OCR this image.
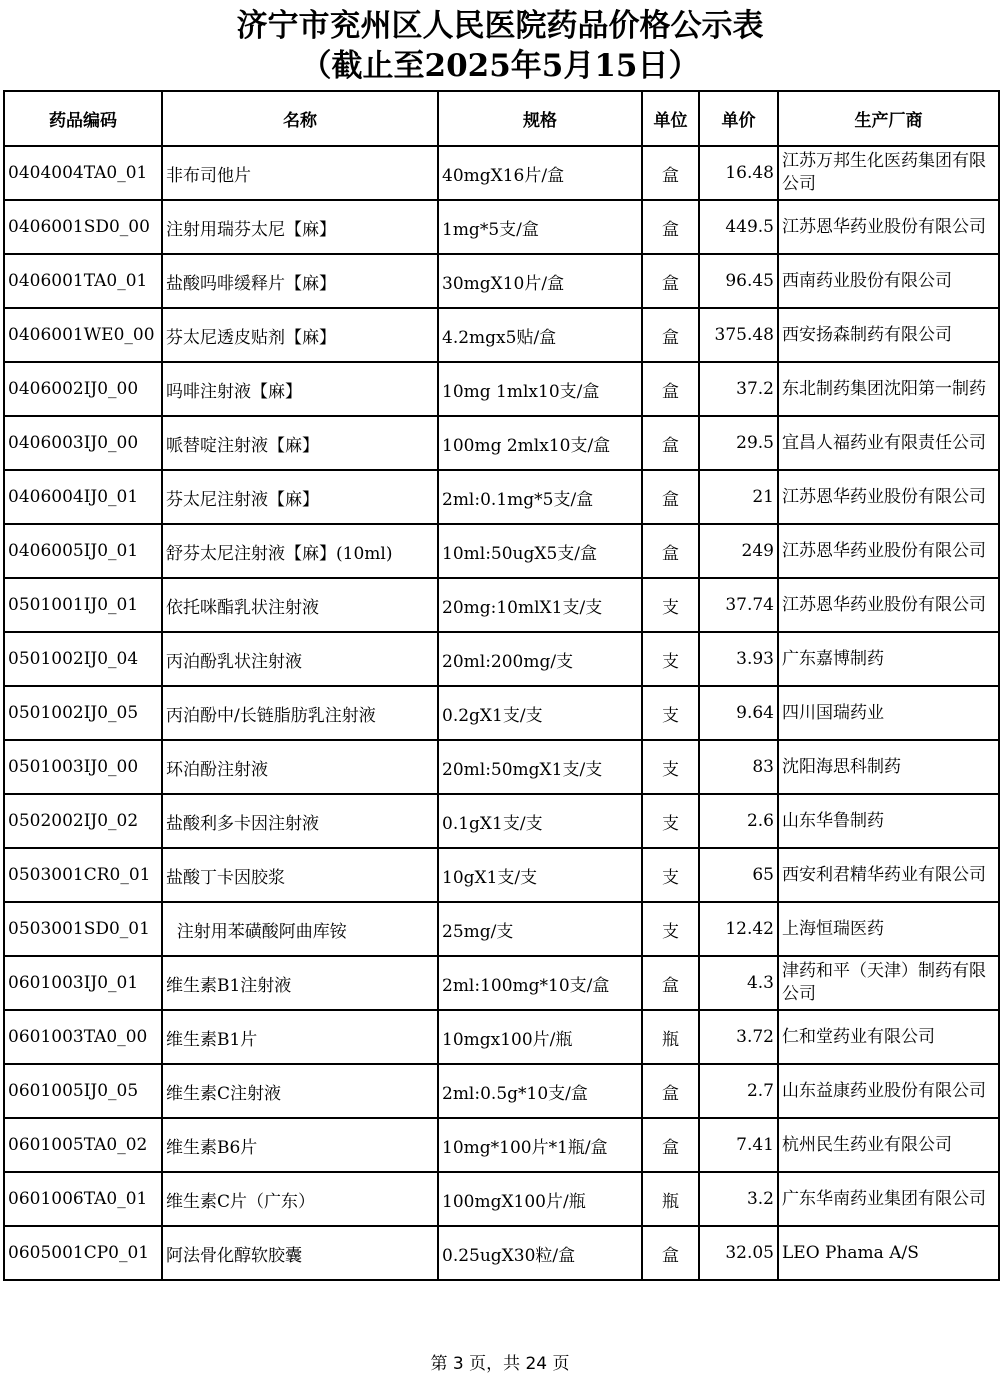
济宁市兖州区人民医院药品价格公示表
（截止至2025年5月15日）
药品编码	名称	规格	单位	单价	生产厂商
0404004TA0_01	非布司他片	40mgX16片/盒	盒	16.48	江苏万邦生化医药集团有限公司
0406001SD0_00	注射用瑞芬太尼【麻】	1mg*5支/盒	盒	449.5	江苏恩华药业股份有限公司
0406001TA0_01	盐酸吗啡缓释片【麻】	30mgX10片/盒	盒	96.45	西南药业股份有限公司
0406001WE0_00	芬太尼透皮贴剂【麻】	4.2mgx5贴/盒	盒	375.48	西安扬森制药有限公司
0406002IJ0_00	吗啡注射液【麻】	10mg 1mlx10支/盒	盒	37.2	东北制药集团沈阳第一制药
0406003IJ0_00	哌替啶注射液【麻】	100mg 2mlx10支/盒	盒	29.5	宜昌人福药业有限责任公司
0406004IJ0_01	芬太尼注射液【麻】	2ml:0.1mg*5支/盒	盒	21	江苏恩华药业股份有限公司
0406005IJ0_01	舒芬太尼注射液【麻】(10ml)	10ml:50ugX5支/盒	盒	249	江苏恩华药业股份有限公司
0501001IJ0_01	依托咪酯乳状注射液	20mg:10mlX1支/支	支	37.74	江苏恩华药业股份有限公司
0501002IJ0_04	丙泊酚乳状注射液	20ml:200mg/支	支	3.93	广东嘉博制药
0501002IJ0_05	丙泊酚中/长链脂肪乳注射液	0.2gX1支/支	支	9.64	四川国瑞药业
0501003IJ0_00	环泊酚注射液	20ml:50mgX1支/支	支	83	沈阳海思科制药
0502002IJ0_02	盐酸利多卡因注射液	0.1gX1支/支	支	2.6	山东华鲁制药
0503001CR0_01	盐酸丁卡因胶浆	10gX1支/支	支	65	西安利君精华药业有限公司
0503001SD0_01	注射用苯磺酸阿曲库铵	25mg/支	支	12.42	上海恒瑞医药
0601003IJ0_01	维生素B1注射液	2ml:100mg*10支/盒	盒	4.3	津药和平（天津）制药有限公司
0601003TA0_00	维生素B1片	10mgx100片/瓶	瓶	3.72	仁和堂药业有限公司
0601005IJ0_05	维生素C注射液	2ml:0.5g*10支/盒	盒	2.7	山东益康药业股份有限公司
0601005TA0_02	维生素B6片	10mg*100片*1瓶/盒	盒	7.41	杭州民生药业有限公司
0601006TA0_01	维生素C片（广东）	100mgX100片/瓶	瓶	3.2	广东华南药业集团有限公司
0605001CP0_01	阿法骨化醇软胶囊	0.25ugX30粒/盒	盒	32.05	LEO Phama A/S
第 3 页，共 24 页
